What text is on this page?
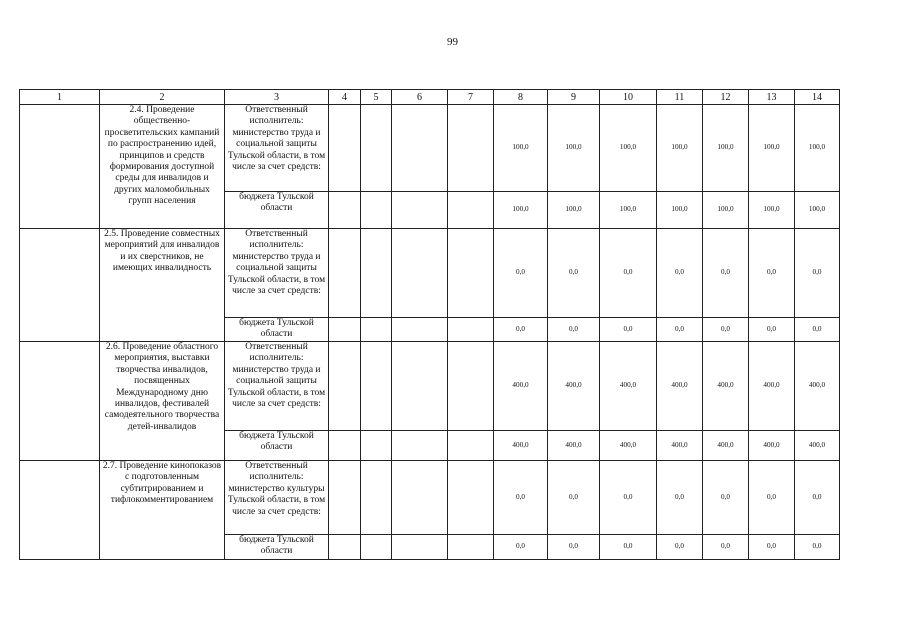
99
1	2	3	4	5	6	7	8	9	10	11	12	13	14
	2.4. Проведение общественно-просветительских кампаний по распространению идей, принципов и средств формирования доступной среды для инвалидов и других маломобильных групп населения	Ответственный исполнитель: министерство труда и социальной защиты Тульской области, в том числе за счет средств:					100,0	100,0	100,0	100,0	100,0	100,0	100,0
		бюджета Тульской области					100,0	100,0	100,0	100,0	100,0	100,0	100,0
	2.5. Проведение совместных мероприятий для инвалидов и их сверстников, не имеющих инвалидность	Ответственный исполнитель: министерство труда и социальной защиты Тульской области, в том числе за счет средств:					0,0	0,0	0,0	0,0	0,0	0,0	0,0
		бюджета Тульской области					0,0	0,0	0,0	0,0	0,0	0,0	0,0
	2.6. Проведение областного мероприятия, выставки творчества инвалидов, посвященных Международному дню инвалидов, фестивалей самодеятельного творчества детей-инвалидов	Ответственный исполнитель: министерство труда и социальной защиты Тульской области, в том числе за счет средств:					400,0	400,0	400,0	400,0	400,0	400,0	400,0
		бюджета Тульской области					400,0	400,0	400,0	400,0	400,0	400,0	400,0
	2.7. Проведение кинопоказов с подготовленным субтитрированием и тифлокомментированием	Ответственный исполнитель: министерство культуры Тульской области, в том числе за счет средств:					0,0	0,0	0,0	0,0	0,0	0,0	0,0
		бюджета Тульской области					0,0	0,0	0,0	0,0	0,0	0,0	0,0
